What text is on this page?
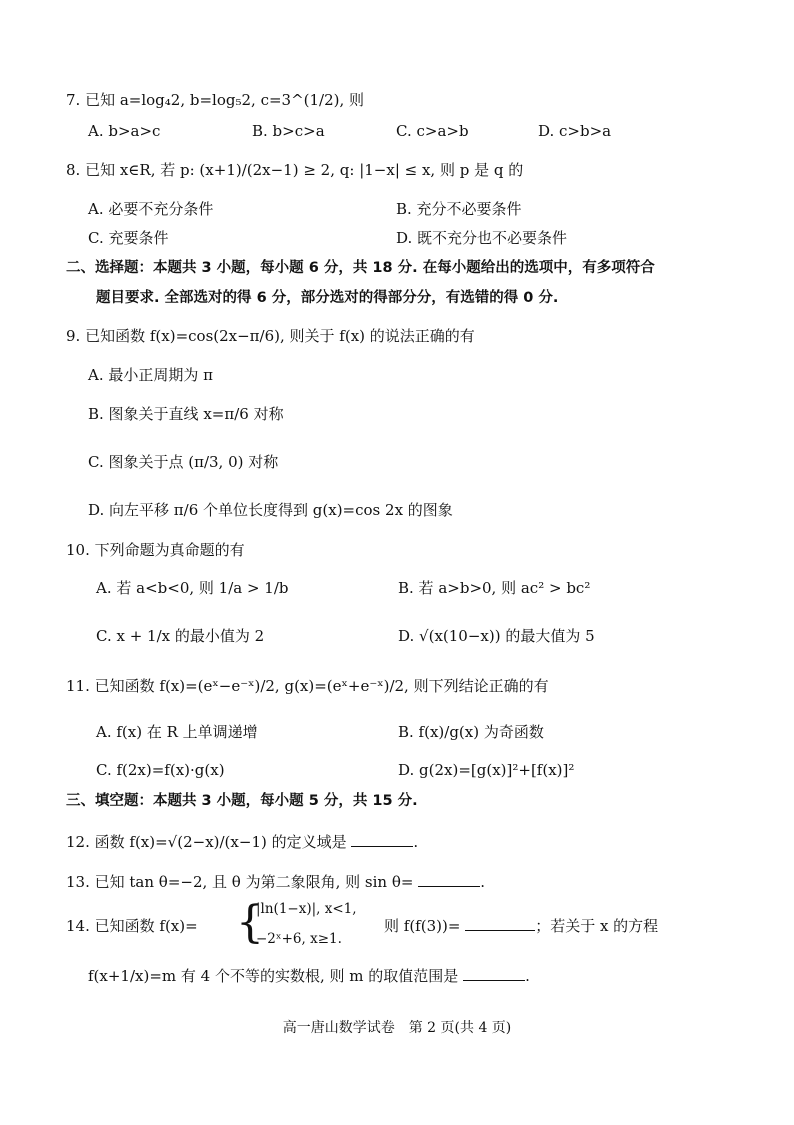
7. 已知 a=log₄2, b=log₅2, c=3^(1/2), 则
A. b>a>c	B. b>c>a	C. c>a>b	D. c>b>a
8. 已知 x∈R, 若 p: (x+1)/(2x−1) ≥ 2, q: |1−x| ≤ x, 则 p 是 q 的
A. 必要不充分条件	B. 充分不必要条件
C. 充要条件	D. 既不充分也不必要条件
二、选择题：本题共 3 小题，每小题 6 分，共 18 分. 在每小题给出的选项中，有多项符合
题目要求. 全部选对的得 6 分，部分选对的得部分分，有选错的得 0 分.
9. 已知函数 f(x)=cos(2x−π/6), 则关于 f(x) 的说法正确的有
A. 最小正周期为 π
B. 图象关于直线 x=π/6 对称
C. 图象关于点 (π/3, 0) 对称
D. 向左平移 π/6 个单位长度得到 g(x)=cos 2x 的图象
10. 下列命题为真命题的有
A. 若 a<b<0, 则 1/a > 1/b	B. 若 a>b>0, 则 ac² > bc²
C. x + 1/x 的最小值为 2	D. √(x(10−x)) 的最大值为 5
11. 已知函数 f(x)=(eˣ−e⁻ˣ)/2, g(x)=(eˣ+e⁻ˣ)/2, 则下列结论正确的有
A. f(x) 在 R 上单调递增	B. f(x)/g(x) 为奇函数
C. f(2x)=f(x)·g(x)	D. g(2x)=[g(x)]²+[f(x)]²
三、填空题：本题共 3 小题，每小题 5 分，共 15 分.
12. 函数 f(x)=√(2−x)/(x−1) 的定义域是	.
13. 已知 tan θ=−2, 且 θ 为第二象限角, 则 sin θ=	.
14. 已知函数 f(x)= {
|ln(1−x)|, x<1,
−2ˣ+6, x≥1.
则 f(f(3))=	；若关于 x 的方程
f(x+1/x)=m 有 4 个不等的实数根, 则 m 的取值范围是	.
高一唐山数学试卷　第 2 页(共 4 页)
